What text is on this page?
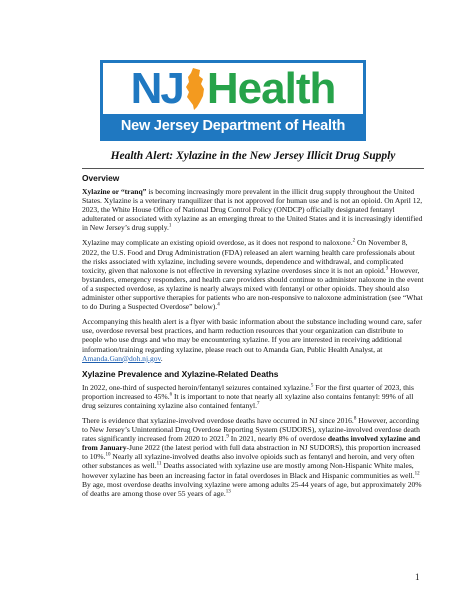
NJ Health
New Jersey Department of Health
Health Alert: Xylazine in the New Jersey Illicit Drug Supply
Overview

Xylazine or “tranq” is becoming increasingly more prevalent in the illicit drug supply throughout the United States. Xylazine is a veterinary tranquilizer that is not approved for human use and is not an opioid. On April 12, 2023, the White House Office of National Drug Control Policy (ONDCP) officially designated fentanyl adulterated or associated with xylazine as an emerging threat to the United States and it is increasingly identified in New Jersey’s drug supply.$^1$

Xylazine may complicate an existing opioid overdose, as it does not respond to naloxone.$^2$ On November 8, 2022, the U.S. Food and Drug Administration (FDA) released an alert warning health care professionals about the risks associated with xylazine, including severe wounds, dependence and withdrawal, and complicated toxicity, given that naloxone is not effective in reversing xylazine overdoses since it is not an opioid.$^3$ However, bystanders, emergency responders, and health care providers should continue to administer naloxone in the event of a suspected overdose, as xylazine is nearly always mixed with fentanyl or other opioids. They should also administer other supportive therapies for patients who are non-responsive to naloxone administration (see “What to do During a Suspected Overdose” below).$^4$

Accompanying this health alert is a flyer with basic information about the substance including wound care, safer use, overdose reversal best practices, and harm reduction resources that your organization can distribute to people who use drugs and who may be encountering xylazine. If you are interested in receiving additional information/training regarding xylazine, please reach out to Amanda Gan, Public Health Analyst, at Amanda.Gan@doh.nj.gov.

Xylazine Prevalence and Xylazine-Related Deaths

In 2022, one-third of suspected heroin/fentanyl seizures contained xylazine.$^5$ For the first quarter of 2023, this proportion increased to 45%.$^6$ It is important to note that nearly all xylazine also contains fentanyl: 99% of all drug seizures containing xylazine also contained fentanyl.$^7$

There is evidence that xylazine-involved overdose deaths have occurred in NJ since 2016.$^8$ However, according to New Jersey’s Unintentional Drug Overdose Reporting System (SUDORS), xylazine-involved overdose death rates significantly increased from 2020 to 2021.$^9$ In 2021, nearly 8% of overdose deaths involved xylazine and from January-June 2022 (the latest period with full data abstraction in NJ SUDORS), this proportion increased to 10%.$^{10}$ Nearly all xylazine-involved deaths also involve opioids such as fentanyl and heroin, and very often other substances as well.$^{11}$ Deaths associated with xylazine use are mostly among Non-Hispanic White males, however xylazine has been an increasing factor in fatal overdoses in Black and Hispanic communities as well.$^{12}$ By age, most overdose deaths involving xylazine were among adults 25-44 years of age, but approximately 20% of deaths are among those over 55 years of age.$^{13}$

1
